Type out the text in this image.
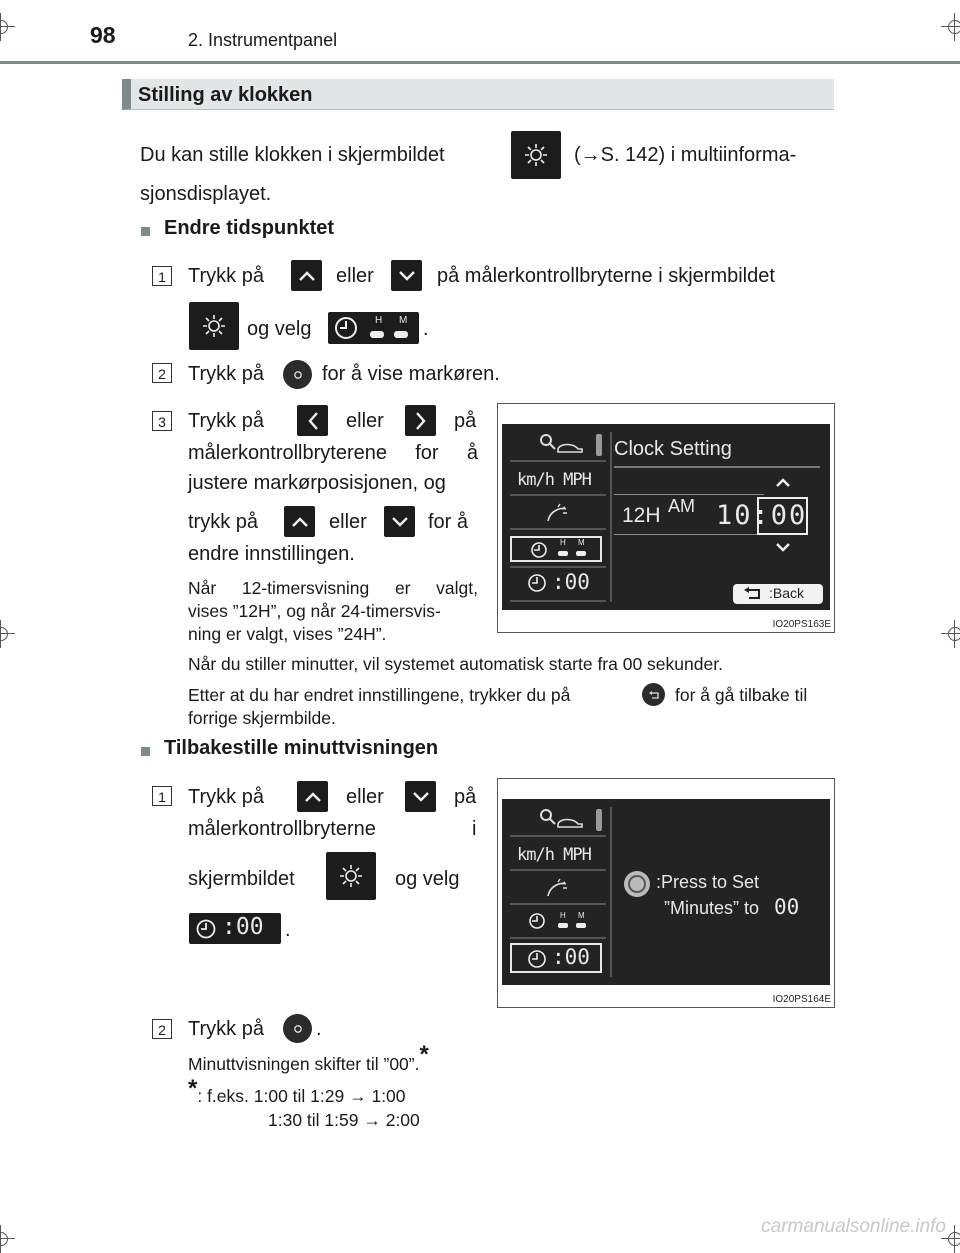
98	2. Instrumentpanel
Stilling av klokken
Du kan stille klokken i skjermbildet	(→S. 142) i multiinforma-
sjonsdisplayet.
Endre tidspunktet
1	Trykk på	eller	på målerkontrollbryterne i skjermbildet
og velg	H M .
2	Trykk på	for å vise markøren.
3	Trykk på	eller	på
målerkontrollbryterene for å
justere markørposisjonen, og
trykk på	eller	for å
endre innstillingen.
Når 12-timersvisning er valgt,
vises ”12H”, og når 24-timersvis-
ning er valgt, vises ”24H”.
km/h MPH
H M
:00
Clock Setting
12H AM 10:00
:Back
IO20PS163E
Når du stiller minutter, vil systemet automatisk starte fra 00 sekunder.
Etter at du har endret innstillingene, trykker du på	for å gå tilbake til
forrige skjermbilde.
Tilbakestille minuttvisningen
1	Trykk på	eller	på
målerkontrollbryterne	i
skjermbildet	og velg
:00 .
km/h MPH
H M
:00
:Press to Set
”Minutes” to 00
IO20PS164E
2	Trykk på	.
Minuttvisningen skifter til ”00”.*
*: f.eks. 1:00 til 1:29 → 1:00
1:30 til 1:59 → 2:00
carmanualsonline.info
